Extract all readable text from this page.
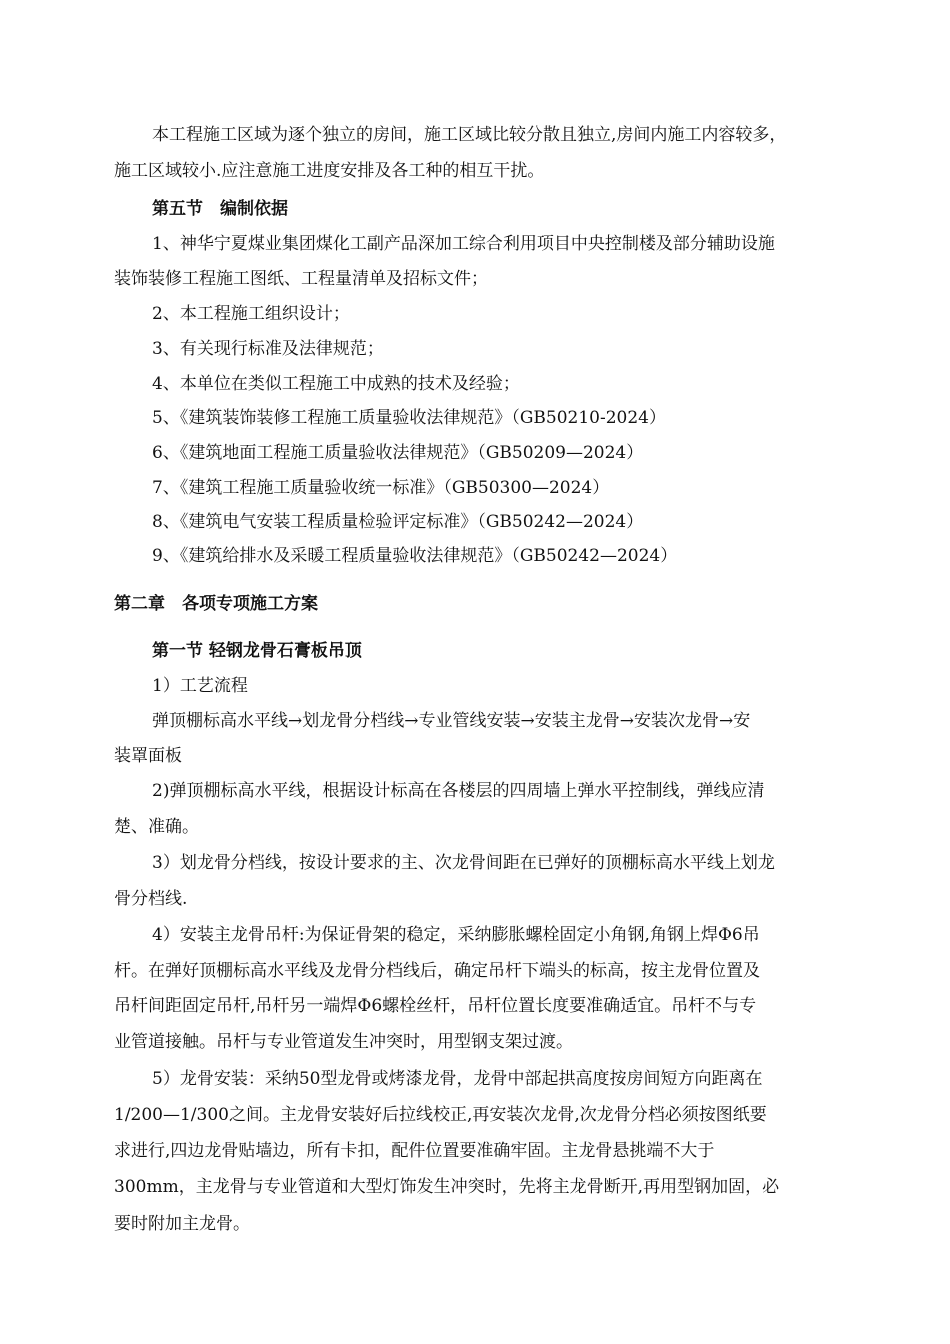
本工程施工区域为逐个独立的房间，施工区域比较分散且独立,房间内施工内容较多，
施工区域较小.应注意施工进度安排及各工种的相互干扰。
第五节　编制依据
1、神华宁夏煤业集团煤化工副产品深加工综合利用项目中央控制楼及部分辅助设施
装饰装修工程施工图纸、工程量清单及招标文件；
2、本工程施工组织设计；
3、有关现行标准及法律规范；
4、本单位在类似工程施工中成熟的技术及经验；
5、《建筑装饰装修工程施工质量验收法律规范》（GB50210-2024）
6、《建筑地面工程施工质量验收法律规范》（GB50209—2024）
7、《建筑工程施工质量验收统一标准》（GB50300—2024）
8、《建筑电气安装工程质量检验评定标准》（GB50242—2024）
9、《建筑给排水及采暖工程质量验收法律规范》（GB50242—2024）
第二章　各项专项施工方案
第一节 轻钢龙骨石膏板吊顶
1）工艺流程
弹顶棚标高水平线→划龙骨分档线→专业管线安装→安装主龙骨→安装次龙骨→安
装罩面板
2)弹顶棚标高水平线，根据设计标高在各楼层的四周墙上弹水平控制线，弹线应清
楚、准确。
3）划龙骨分档线，按设计要求的主、次龙骨间距在已弹好的顶棚标高水平线上划龙
骨分档线.
4）安装主龙骨吊杆:为保证骨架的稳定，采纳膨胀螺栓固定小角钢,角钢上焊Φ6吊
杆。在弹好顶棚标高水平线及龙骨分档线后，确定吊杆下端头的标高，按主龙骨位置及
吊杆间距固定吊杆,吊杆另一端焊Φ6螺栓丝杆，吊杆位置长度要准确适宜。吊杆不与专
业管道接触。吊杆与专业管道发生冲突时，用型钢支架过渡。
5）龙骨安装：采纳50型龙骨或烤漆龙骨，龙骨中部起拱高度按房间短方向距离在
1/200—1/300之间。主龙骨安装好后拉线校正,再安装次龙骨,次龙骨分档必须按图纸要
求进行,四边龙骨贴墙边，所有卡扣，配件位置要准确牢固。主龙骨悬挑端不大于
300mm，主龙骨与专业管道和大型灯饰发生冲突时，先将主龙骨断开,再用型钢加固，必
要时附加主龙骨。
